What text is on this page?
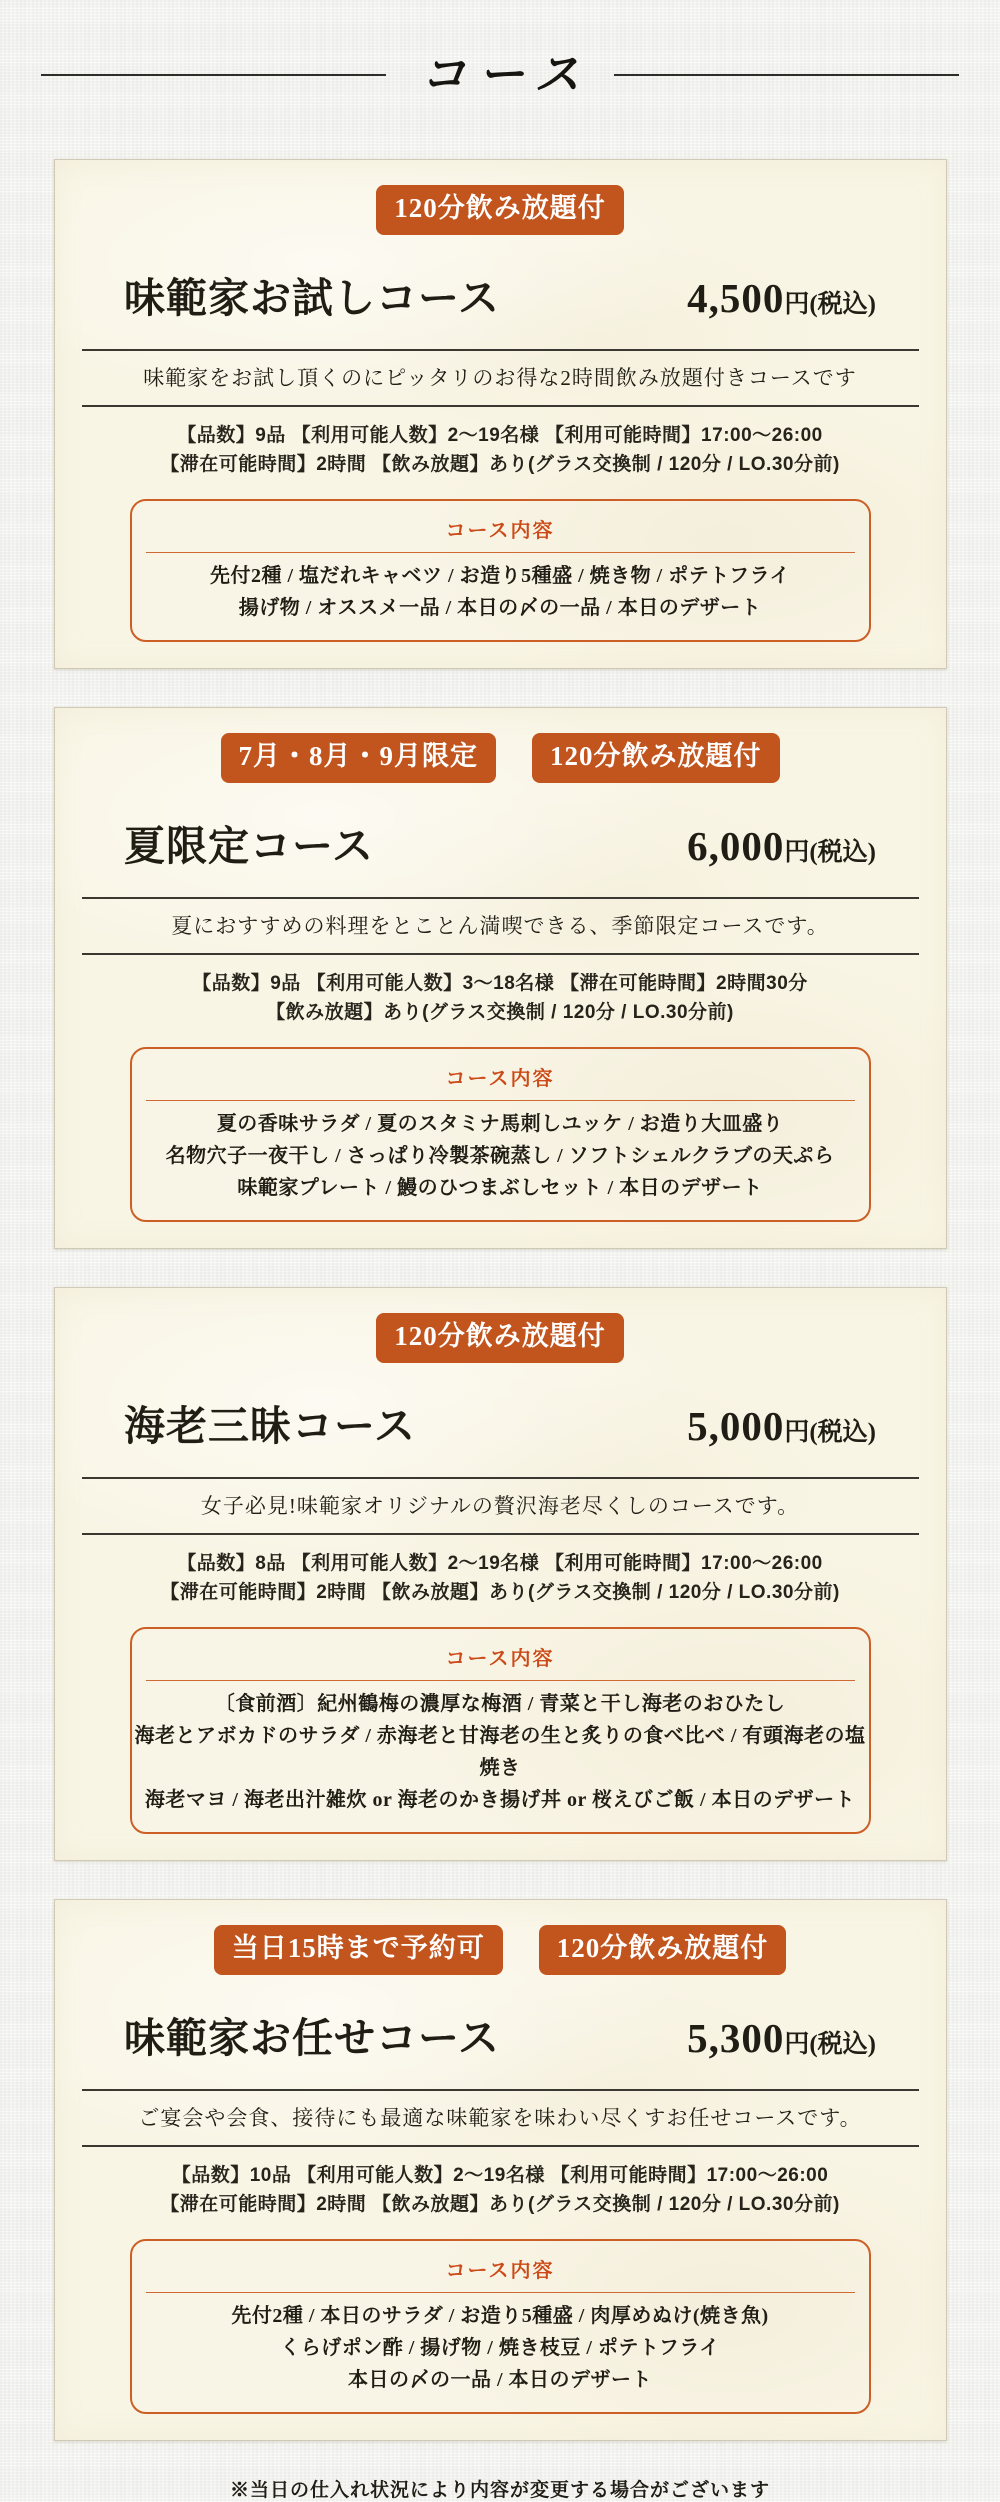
コース
120分飲み放題付
味範家お試しコース	4,500円(税込)

味範家をお試し頂くのにピッタリのお得な2時間飲み放題付きコースです

【品数】9品 【利用可能人数】2〜19名様 【利用可能時間】17:00〜26:00

【滞在可能時間】2時間 【飲み放題】あり(グラス交換制 / 120分 / LO.30分前)

コース内容

先付2種 / 塩だれキャベツ / お造り5種盛 / 焼き物 / ポテトフライ

揚げ物 / オススメ一品 / 本日の〆の一品 / 本日のデザート

7月・8月・9月限定	120分飲み放題付
夏限定コース	6,000円(税込)

夏におすすめの料理をとことん満喫できる、季節限定コースです。

【品数】9品 【利用可能人数】3〜18名様 【滞在可能時間】2時間30分

【飲み放題】あり(グラス交換制 / 120分 / LO.30分前)

コース内容

夏の香味サラダ / 夏のスタミナ馬刺しユッケ / お造り大皿盛り

名物穴子一夜干し / さっぱり冷製茶碗蒸し / ソフトシェルクラブの天ぷら

味範家プレート / 鰻のひつまぶしセット / 本日のデザート

120分飲み放題付
海老三昧コース	5,000円(税込)

女子必見!味範家オリジナルの贅沢海老尽くしのコースです。

【品数】8品 【利用可能人数】2〜19名様 【利用可能時間】17:00〜26:00

【滞在可能時間】2時間 【飲み放題】あり(グラス交換制 / 120分 / LO.30分前)

コース内容

〔食前酒〕紀州鶴梅の濃厚な梅酒 / 青菜と干し海老のおひたし

海老とアボカドのサラダ / 赤海老と甘海老の生と炙りの食べ比べ / 有頭海老の塩焼き

海老マヨ / 海老出汁雑炊 or 海老のかき揚げ丼 or 桜えびご飯 / 本日のデザート

当日15時まで予約可	120分飲み放題付
味範家お任せコース	5,300円(税込)

ご宴会や会食、接待にも最適な味範家を味わい尽くすお任せコースです。

【品数】10品 【利用可能人数】2〜19名様 【利用可能時間】17:00〜26:00

【滞在可能時間】2時間 【飲み放題】あり(グラス交換制 / 120分 / LO.30分前)

コース内容

先付2種 / 本日のサラダ / お造り5種盛 / 肉厚めぬけ(焼き魚)

くらげポン酢 / 揚げ物 / 焼き枝豆 / ポテトフライ

本日の〆の一品 / 本日のデザート

※当日の仕入れ状況により内容が変更する場合がございます
